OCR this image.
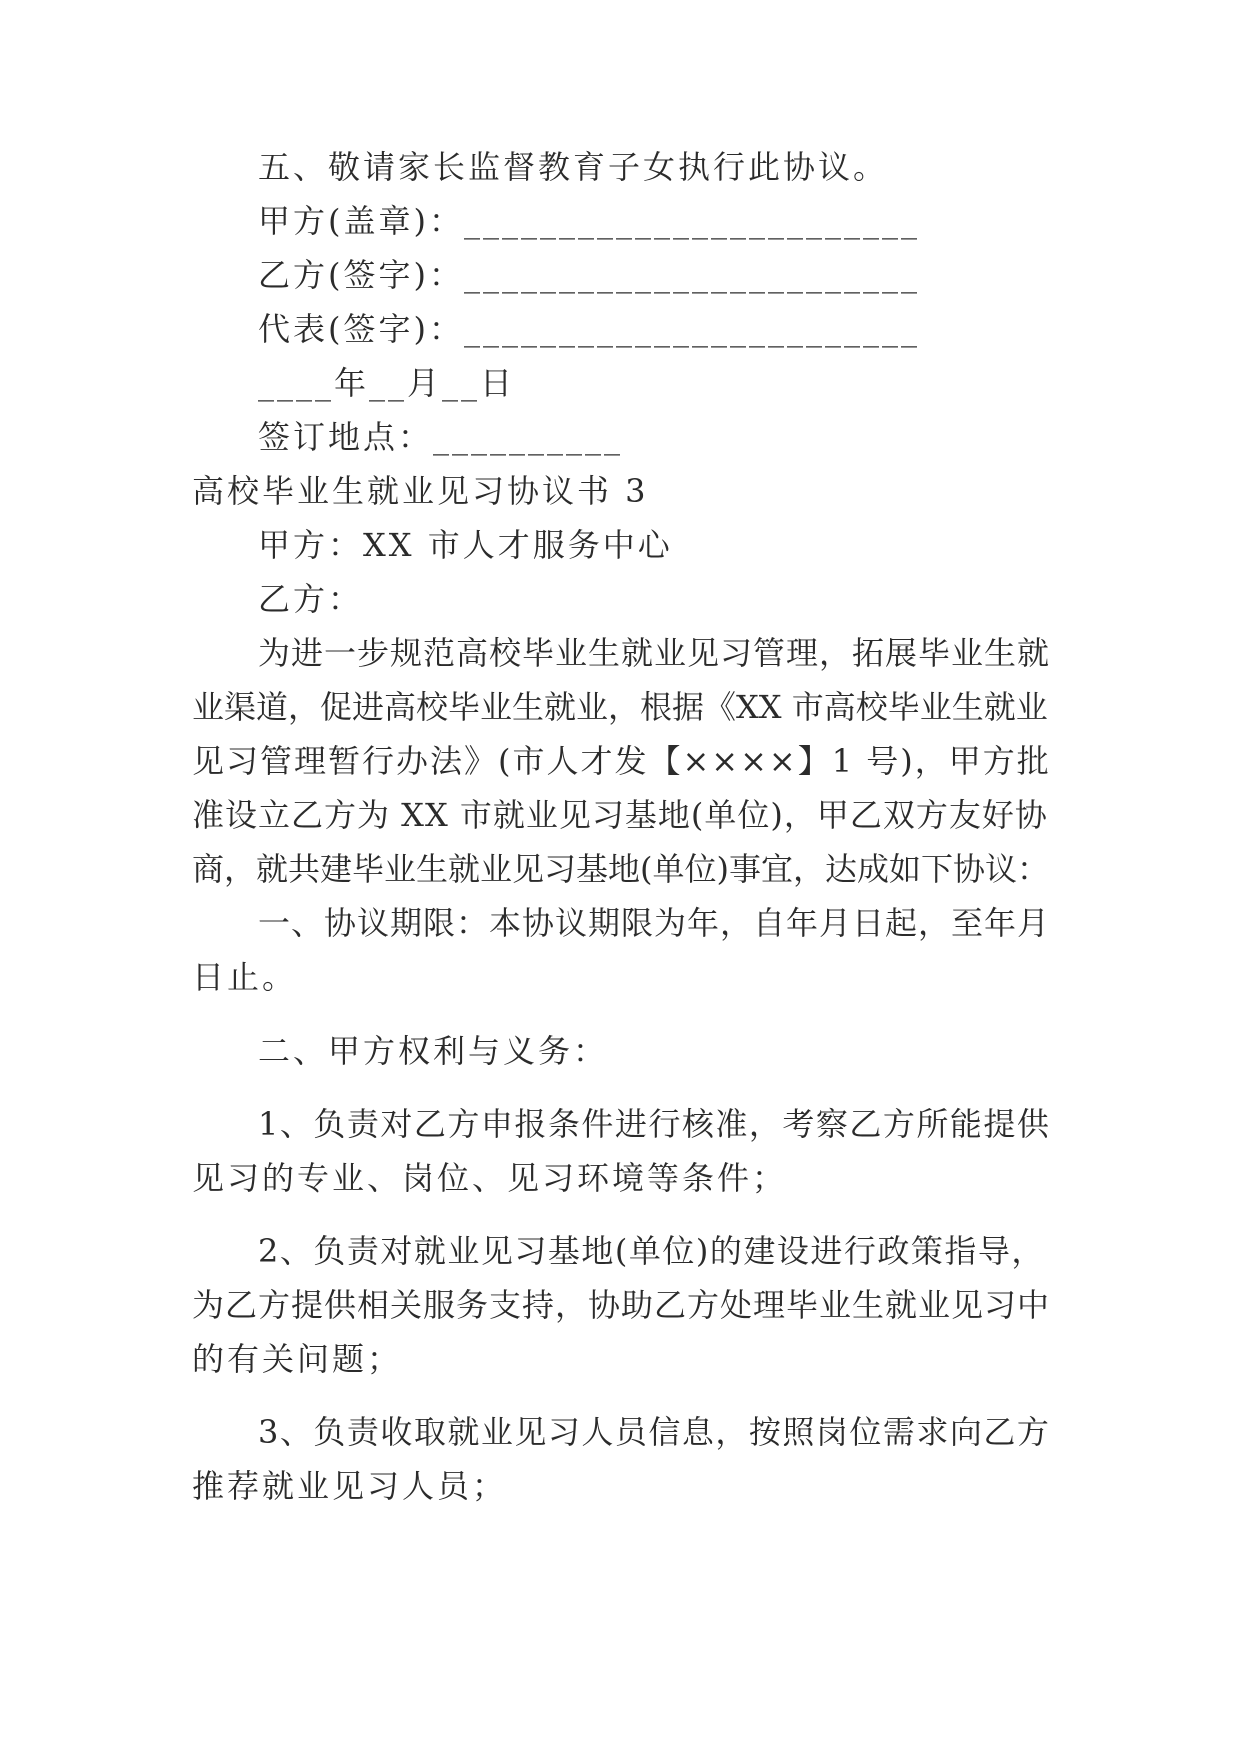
五、敬请家长监督教育子女执行此协议。
甲方(盖章)：________________________
乙方(签字)：________________________
代表(签字)：________________________
____年__月__日
签订地点：__________
高校毕业生就业见习协议书 3
甲方：XX 市人才服务中心
乙方：
为进一步规范高校毕业生就业见习管理，拓展毕业生就
业渠道，促进高校毕业生就业，根据《XX 市高校毕业生就业
见习管理暂行办法》(市人才发【××××】1 号)，甲方批
准设立乙方为 XX 市就业见习基地(单位)，甲乙双方友好协
商，就共建毕业生就业见习基地(单位)事宜，达成如下协议：
一、协议期限：本协议期限为年，自年月日起，至年月
日止。
二、甲方权利与义务：
1、负责对乙方申报条件进行核准，考察乙方所能提供
见习的专业、岗位、见习环境等条件；
2、负责对就业见习基地(单位)的建设进行政策指导，
为乙方提供相关服务支持，协助乙方处理毕业生就业见习中
的有关问题；
3、负责收取就业见习人员信息，按照岗位需求向乙方
推荐就业见习人员；
